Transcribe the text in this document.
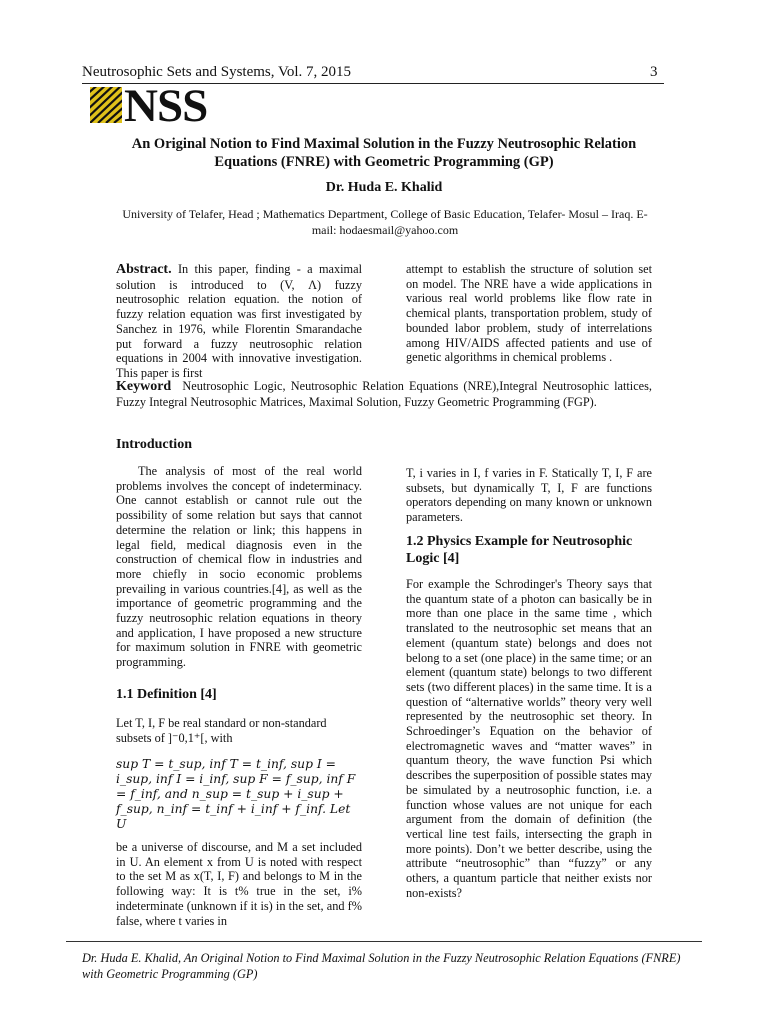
Neutrosophic Sets and Systems, Vol. 7, 2015	3
NSS
An Original Notion to Find Maximal Solution in the Fuzzy Neutrosophic Relation Equations (FNRE) with Geometric Programming (GP)
Dr. Huda E. Khalid
University of Telafer, Head ; Mathematics Department, College of Basic Education, Telafer- Mosul – Iraq. E-mail: hodaesmail@yahoo.com
Abstract. In this paper, finding - a maximal solution is introduced to (V, Λ) fuzzy neutrosophic relation equation. the notion of fuzzy relation equation was first investigated by Sanchez in 1976, while Florentin Smarandache put forward a fuzzy neutrosophic relation equations in 2004 with innovative investigation. This paper is first
attempt to establish the structure of solution set on model. The NRE have a wide applications in various real world problems like flow rate in chemical plants, transportation problem, study of bounded labor problem, study of interrelations among HIV/AIDS affected patients and use of genetic algorithms in chemical problems .
Keyword Neutrosophic Logic, Neutrosophic Relation Equations (NRE),Integral Neutrosophic lattices, Fuzzy Integral Neutrosophic Matrices, Maximal Solution, Fuzzy Geometric Programming (FGP).
Introduction

The analysis of most of the real world problems involves the concept of indeterminacy. One cannot establish or cannot rule out the possibility of some relation but says that cannot determine the relation or link; this happens in legal field, medical diagnosis even in the construction of chemical flow in industries and more chiefly in socio economic problems prevailing in various countries.[4], as well as the importance of geometric programming and the fuzzy neutrosophic relation equations in theory and application, I have proposed a new structure for maximum solution in FNRE with geometric programming.

1.1 Definition [4]

Let T, I, F be real standard or non-standard subsets of ]⁻0,1⁺[, with

sup T = t_sup, inf T = t_inf, sup I = i_sup, inf I = i_inf, sup F = f_sup, inf F = f_inf, and n_sup = t_sup + i_sup + f_sup, n_inf = t_inf + i_inf + f_inf. Let U

be a universe of discourse, and M a set included in U. An element x from U is noted with respect to the set M as x(T, I, F) and belongs to M in the following way: It is t% true in the set, i% indeterminate (unknown if it is) in the set, and f% false, where t varies in

T, i varies in I, f varies in F. Statically T, I, F are subsets, but dynamically T, I, F are functions operators depending on many known or unknown parameters.

1.2 Physics Example for Neutrosophic Logic [4]

For example the Schrodinger's Theory says that the quantum state of a photon can basically be in more than one place in the same time , which translated to the neutrosophic set means that an element (quantum state) belongs and does not belong to a set (one place) in the same time; or an element (quantum state) belongs to two different sets (two different places) in the same time. It is a question of “alternative worlds” theory very well represented by the neutrosophic set theory. In Schroedinger’s Equation on the behavior of electromagnetic waves and “matter waves” in quantum theory, the wave function Psi which describes the superposition of possible states may be simulated by a neutrosophic function, i.e. a function whose values are not unique for each argument from the domain of definition (the vertical line test fails, intersecting the graph in more points). Don’t we better describe, using the attribute “neutrosophic” than “fuzzy” or any others, a quantum particle that neither exists nor non-exists?

Dr. Huda E. Khalid, An Original Notion to Find Maximal Solution in the Fuzzy Neutrosophic Relation Equations (FNRE) with Geometric Programming (GP)
